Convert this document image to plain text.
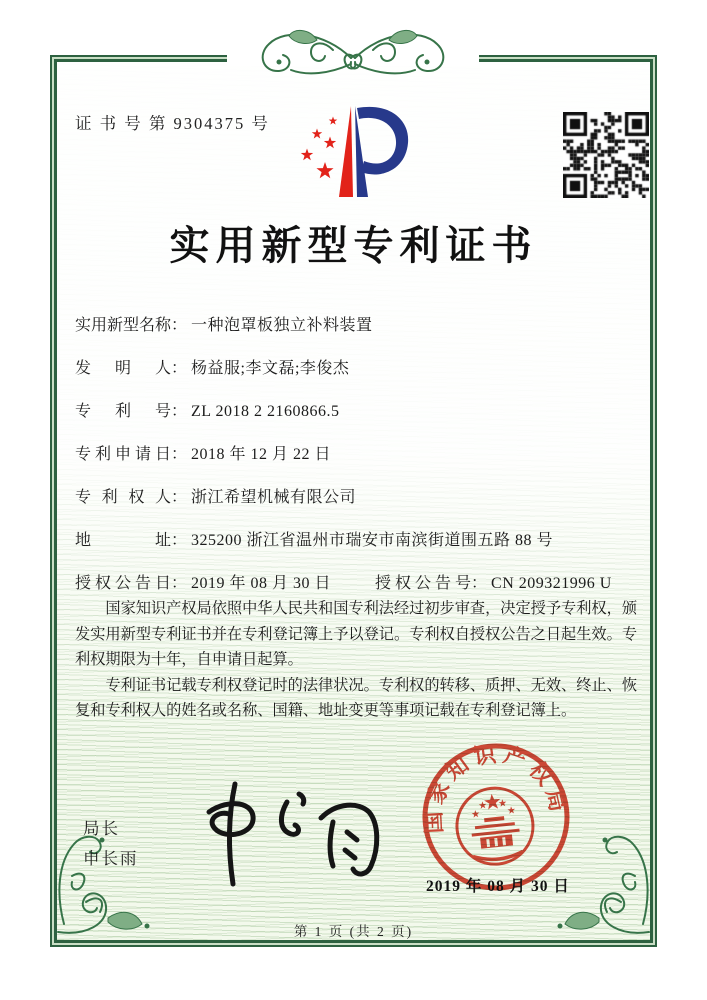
证 书 号 第 9304375 号
实用新型专利证书
实用新型名称： 一种泡罩板独立补料装置
发明人： 杨益服;李文磊;李俊杰
专利号： ZL 2018 2 2160866.5
专利申请日： 2018 年 12 月 22 日
专利权人： 浙江希望机械有限公司
地址： 325200 浙江省温州市瑞安市南滨街道围五路 88 号
授权公告日： 2019 年 08 月 30 日	授权公告号： CN 209321996 U

国家知识产权局依照中华人民共和国专利法经过初步审查，决定授予专利权，颁发实用新型专利证书并在专利登记簿上予以登记。专利权自授权公告之日起生效。专利权期限为十年，自申请日起算。

专利证书记载专利权登记时的法律状况。专利权的转移、质押、无效、终止、恢复和专利权人的姓名或名称、国籍、地址变更等事项记载在专利登记簿上。

局长
申长雨
国家知识产权局
2019 年 08 月 30 日
第 1 页 (共 2 页)
